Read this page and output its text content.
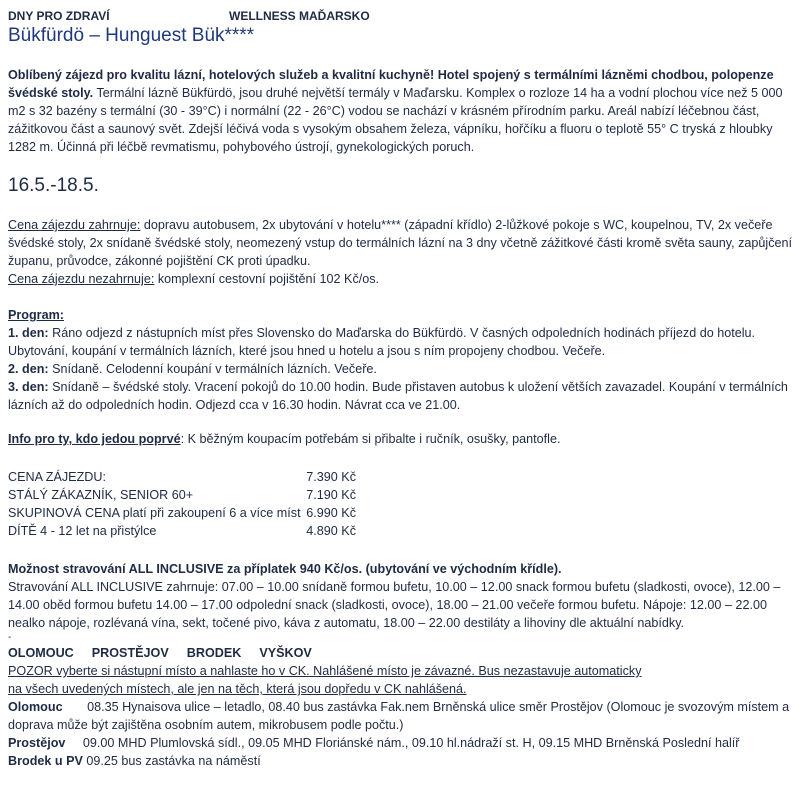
DNY PRO ZDRAVÍ	WELLNESS MAĎARSKO
Bükfürdö – Hunguest Bük****

Oblíbený zájezd pro kvalitu lázní, hotelových služeb a kvalitní kuchyně! Hotel spojený s termálními lázněmi chodbou, polopenze švédské stoly. Termální lázně Bükfürdö, jsou druhé největší termály v Maďarsku. Komplex o rozloze 14 ha a vodní plochou více než 5 000 m2 s 32 bazény s termální (30 - 39°C) i normální (22 - 26°C) vodou se nachází v krásném přírodním parku. Areál nabízí léčebnou část, zážitkovou část a saunový svět. Zdejší léčivá voda s vysokým obsahem železa, vápníku, hořčíku a fluoru o teplotě 55° C tryská z hloubky 1282 m. Účinná při léčbě revmatismu, pohybového ústrojí, gynekologických poruch.

16.5.-18.5.

Cena zájezdu zahrnuje: dopravu autobusem, 2x ubytování v hotelu**** (západní křídlo) 2-lůžkové pokoje s WC, koupelnou, TV, 2x večeře švédské stoly, 2x snídaně švédské stoly, neomezený vstup do termálních lázní na 3 dny včetně zážitkové části kromě světa sauny, zapůjčení županu, průvodce, zákonné pojištění CK proti úpadku.

Cena zájezdu nezahrnuje: komplexní cestovní pojištění 102 Kč/os.

Program:

1. den: Ráno odjezd z nástupních míst přes Slovensko do Maďarska do Bükfürdö. V časných odpoledních hodinách příjezd do hotelu. Ubytování, koupání v termálních lázních, které jsou hned u hotelu a jsou s ním propojeny chodbou. Večeře.

2. den: Snídaně. Celodenní koupání v termálních lázních. Večeře.

3. den: Snídaně – švédské stoly. Vracení pokojů do 10.00 hodin. Bude přistaven autobus k uložení větších zavazadel. Koupání v termálních lázních až do odpoledních hodin. Odjezd cca v 16.30 hodin. Návrat cca ve 21.00.

Info pro ty, kdo jedou poprvé: K běžným koupacím potřebám si přibalte i ručník, osušky, pantofle.

CENA ZÁJEZDU:	7.390 Kč
STÁLÝ ZÁKAZNÍK, SENIOR 60+	7.190 Kč
SKUPINOVÁ CENA platí při zakoupení 6 a více míst 6.990 Kč
DÍTĚ 4 - 12 let na přistýlce	4.890 Kč
Možnost stravování ALL INCLUSIVE za příplatek 940 Kč/os. (ubytování ve východním křídle).

Stravování ALL INCLUSIVE zahrnuje: 07.00 – 10.00 snídaně formou bufetu, 10.00 – 12.00 snack formou bufetu (sladkosti, ovoce), 12.00 – 14.00 oběd formou bufetu 14.00 – 17.00 odpolední snack (sladkosti, ovoce), 18.00 – 21.00 večeře formou bufetu. Nápoje: 12.00 – 22.00 nealko nápoje, rozlévaná vína, sekt, točené pivo, káva z automatu, 18.00 – 22.00 destiláty a lihoviny dle aktuální nabídky.

-
OLOMOUC PROSTĚJOV BRODEK VYŠKOV
POZOR vyberte si nástupní místo a nahlaste ho v CK. Nahlášené místo je závazné. Bus nezastavuje automaticky
na všech uvedených místech, ale jen na těch, která jsou dopředu v CK nahlášená.

Olomouc       08.35 Hynaisova ulice – letadlo, 08.40 bus zastávka Fak.nem Brněnská ulice směr Prostějov (Olomouc je svozovým místem a doprava může být zajištěna osobním autem, mikrobusem podle počtu.)

Prostějov     09.00 MHD Plumlovská sídl., 09.05 MHD Floriánské nám., 09.10 hl.nádraží st. H, 09.15 MHD Brněnská Poslední halíř

Brodek u PV 09.25 bus zastávka na náměstí
